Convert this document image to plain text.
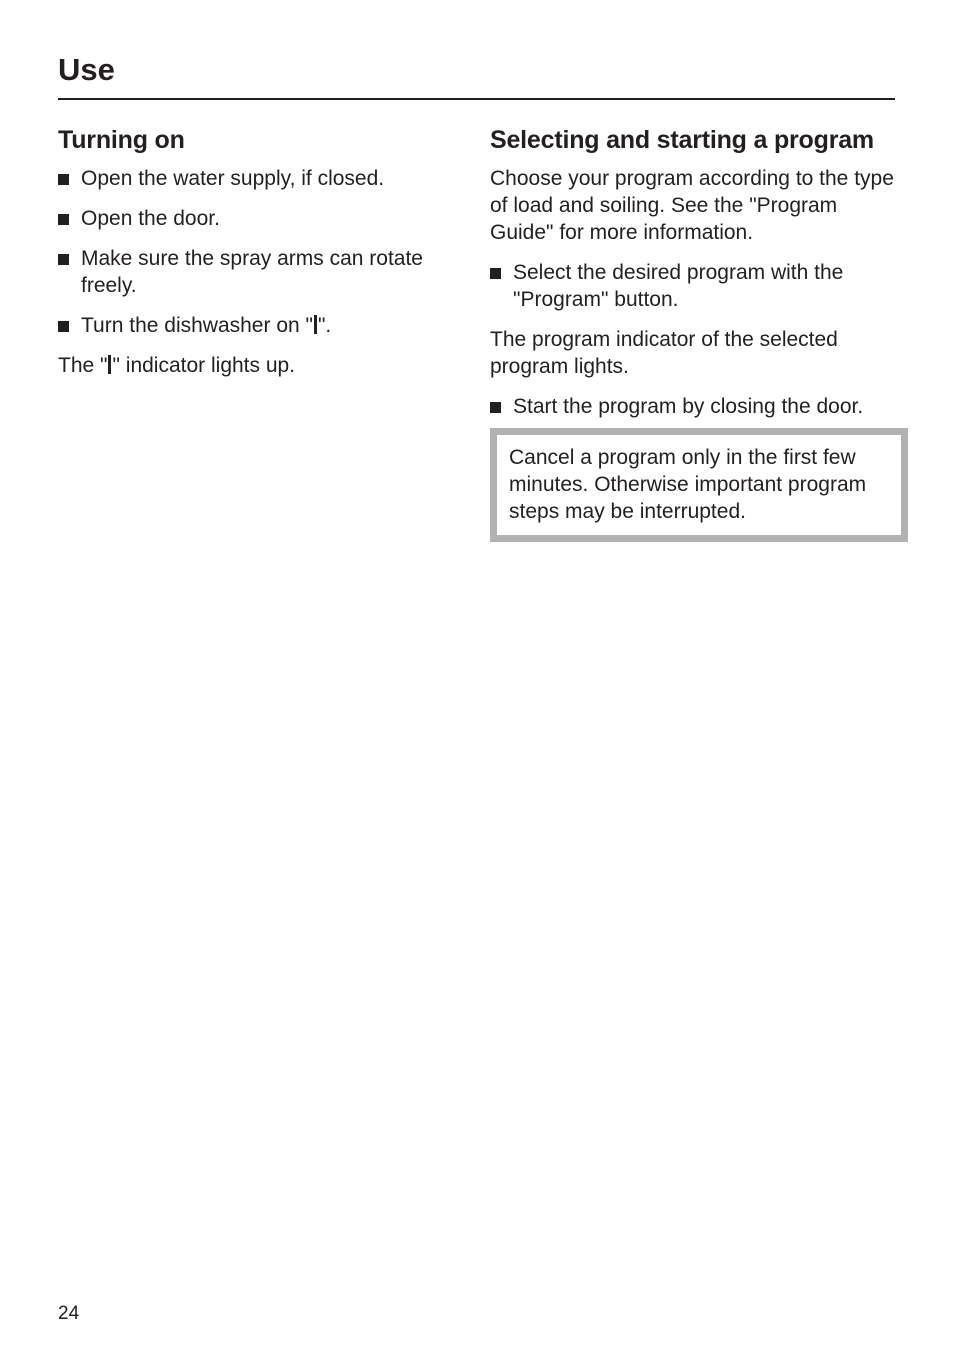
Use
Turning on
Open the water supply, if closed.
Open the door.
Make sure the spray arms can rotate freely.
Turn the dishwasher on " ".

The " " indicator lights up.

Selecting and starting a program

Choose your program according to the type of load and soiling. See the "Program Guide" for more information.

Select the desired program with the "Program" button.

The program indicator of the selected program lights.

Start the program by closing the door.

Cancel a program only in the first few minutes. Otherwise important program steps may be interrupted.

24
